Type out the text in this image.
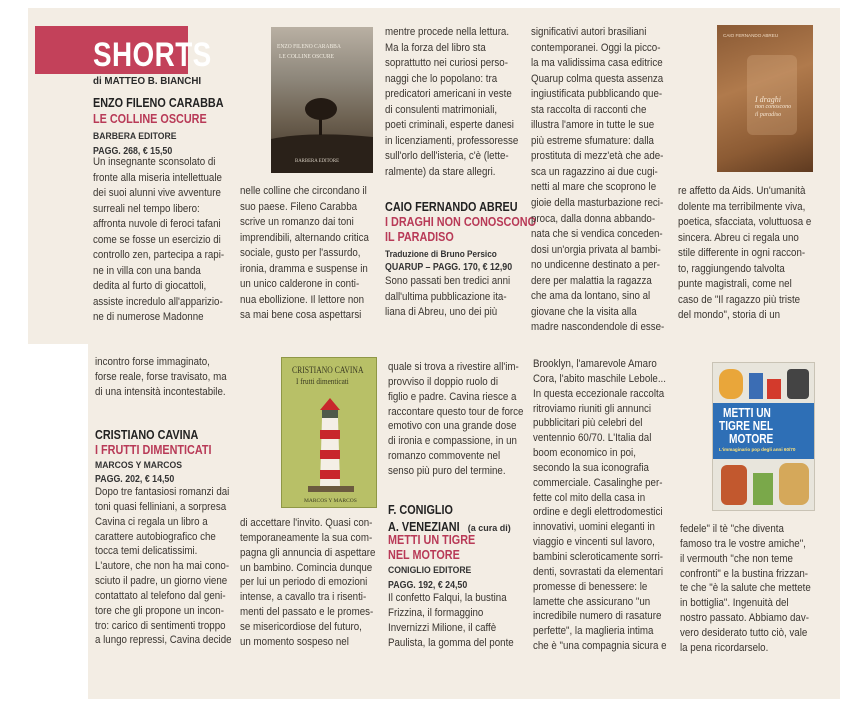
SHORTS
di MATTEO B. BIANCHI
ENZO FILENO CARABBA
LE COLLINE OSCURE
BARBERA EDITORE
PAGG. 268, € 15,50
ENZO FILENO CARABBA
LE COLLINE OSCURE
BARBERA EDITORE
Un insegnante sconsolato di
fronte alla miseria intellettuale
dei suoi alunni vive avventure
surreali nel tempo libero:
affronta nuvole di feroci tafani
come se fosse un esercizio di
controllo zen, partecipa a rapi-
ne in villa con una banda
dedita al furto di giocattoli,
assiste incredulo all'apparizio-
ne di numerose Madonne
nelle colline che circondano il
suo paese. Fileno Carabba
scrive un romanzo dai toni
imprendibili, alternando critica
sociale, gusto per l'assurdo,
ironia, dramma e suspense in
un unico calderone in conti-
nua ebollizione. Il lettore non
sa mai bene cosa aspettarsi
mentre procede nella lettura.
Ma la forza del libro sta
soprattutto nei curiosi perso-
naggi che lo popolano: tra
predicatori americani in veste
di consulenti matrimoniali,
poeti criminali, esperte danesi
in licenziamenti, professoresse
sull'orlo dell'isteria, c'è (lette-
ralmente) da stare allegri.
CAIO FERNANDO ABREU
I DRAGHI NON CONOSCONO
IL PARADISO
Traduzione di Bruno Persico
QUARUP – PAGG. 170, € 12,90
Sono passati ben tredici anni
dall'ultima pubblicazione ita-
liana di Abreu, uno dei più
significativi autori brasiliani
contemporanei. Oggi la picco-
la ma validissima casa editrice
Quarup colma questa assenza
ingiustificata pubblicando que-
sta raccolta di racconti che
illustra l'amore in tutte le sue
più estreme sfumature: dalla
prostituta di mezz'età che ade-
sca un ragazzino ai due cugi-
netti al mare che scoprono le
gioie della masturbazione reci-
proca, dalla donna abbando-
nata che si vendica conceden-
dosi un'orgia privata al bambi-
no undicenne destinato a per-
dere per malattia la ragazza
che ama da lontano, sino al
giovane che la visita alla
madre nascondendole di esse-
CAIO FERNANDO ABREU
I draghi
non conoscono
il paradiso
re affetto da Aids. Un'umanità
dolente ma terribilmente viva,
poetica, sfacciata, voluttuosa e
sincera. Abreu ci regala uno
stile differente in ogni raccon-
to, raggiungendo talvolta
punte magistrali, come nel
caso de "Il ragazzo più triste
del mondo", storia di un
incontro forse immaginato,
forse reale, forse travisato, ma
di una intensità incontestabile.
CRISTIANO CAVINA
I FRUTTI DIMENTICATI
MARCOS Y MARCOS
PAGG. 202, € 14,50
Dopo tre fantasiosi romanzi dai
toni quasi felliniani, a sorpresa
Cavina ci regala un libro a
carattere autobiografico che
tocca temi delicatissimi.
L'autore, che non ha mai cono-
sciuto il padre, un giorno viene
contattato al telefono dal geni-
tore che gli propone un incon-
tro: carico di sentimenti troppo
a lungo repressi, Cavina decide
CRISTIANO CAVINA
I frutti dimenticati
MARCOS Y MARCOS
di accettare l'invito. Quasi con-
temporaneamente la sua com-
pagna gli annuncia di aspettare
un bambino. Comincia dunque
per lui un periodo di emozioni
intense, a cavallo tra i risenti-
menti del passato e le promes-
se misericordiose del futuro,
un momento sospeso nel
quale si trova a rivestire all'im-
provviso il doppio ruolo di
figlio e padre. Cavina riesce a
raccontare questo tour de force
emotivo con una grande dose
di ironia e compassione, in un
romanzo commovente nel
senso più puro del termine.
F. CONIGLIO
A. VENEZIANI (a cura di)
METTI UN TIGRE
NEL MOTORE
CONIGLIO EDITORE
PAGG. 192, € 24,50
Il confetto Falqui, la bustina
Frizzina, il formaggino
Invernizzi Milione, il caffè
Paulista, la gomma del ponte
Brooklyn, l'amarevole Amaro
Cora, l'abito maschile Lebole...
In questa eccezionale raccolta
ritroviamo riuniti gli annunci
pubblicitari più celebri del
ventennio 60/70. L'Italia dal
boom economico in poi,
secondo la sua iconografia
commerciale. Casalinghe per-
fette col mito della casa in
ordine e degli elettrodomestici
innovativi, uomini eleganti in
viaggio e vincenti sul lavoro,
bambini scleroticamente sorri-
denti, sovrastati da elementari
promesse di benessere: le
lamette che assicurano "un
incredibile numero di rasature
perfette", la maglieria intima
che è "una compagnia sicura e
METTI UN
TIGRE NEL
MOTORE
L'immaginario pop degli anni 60/70
fedele" il tè "che diventa
famoso tra le vostre amiche",
il vermouth "che non teme
confronti" e la bustina frizzan-
te che "è la salute che mettete
in bottiglia". Ingenuità del
nostro passato. Abbiamo dav-
vero desiderato tutto ciò, vale
la pena ricordarselo.
